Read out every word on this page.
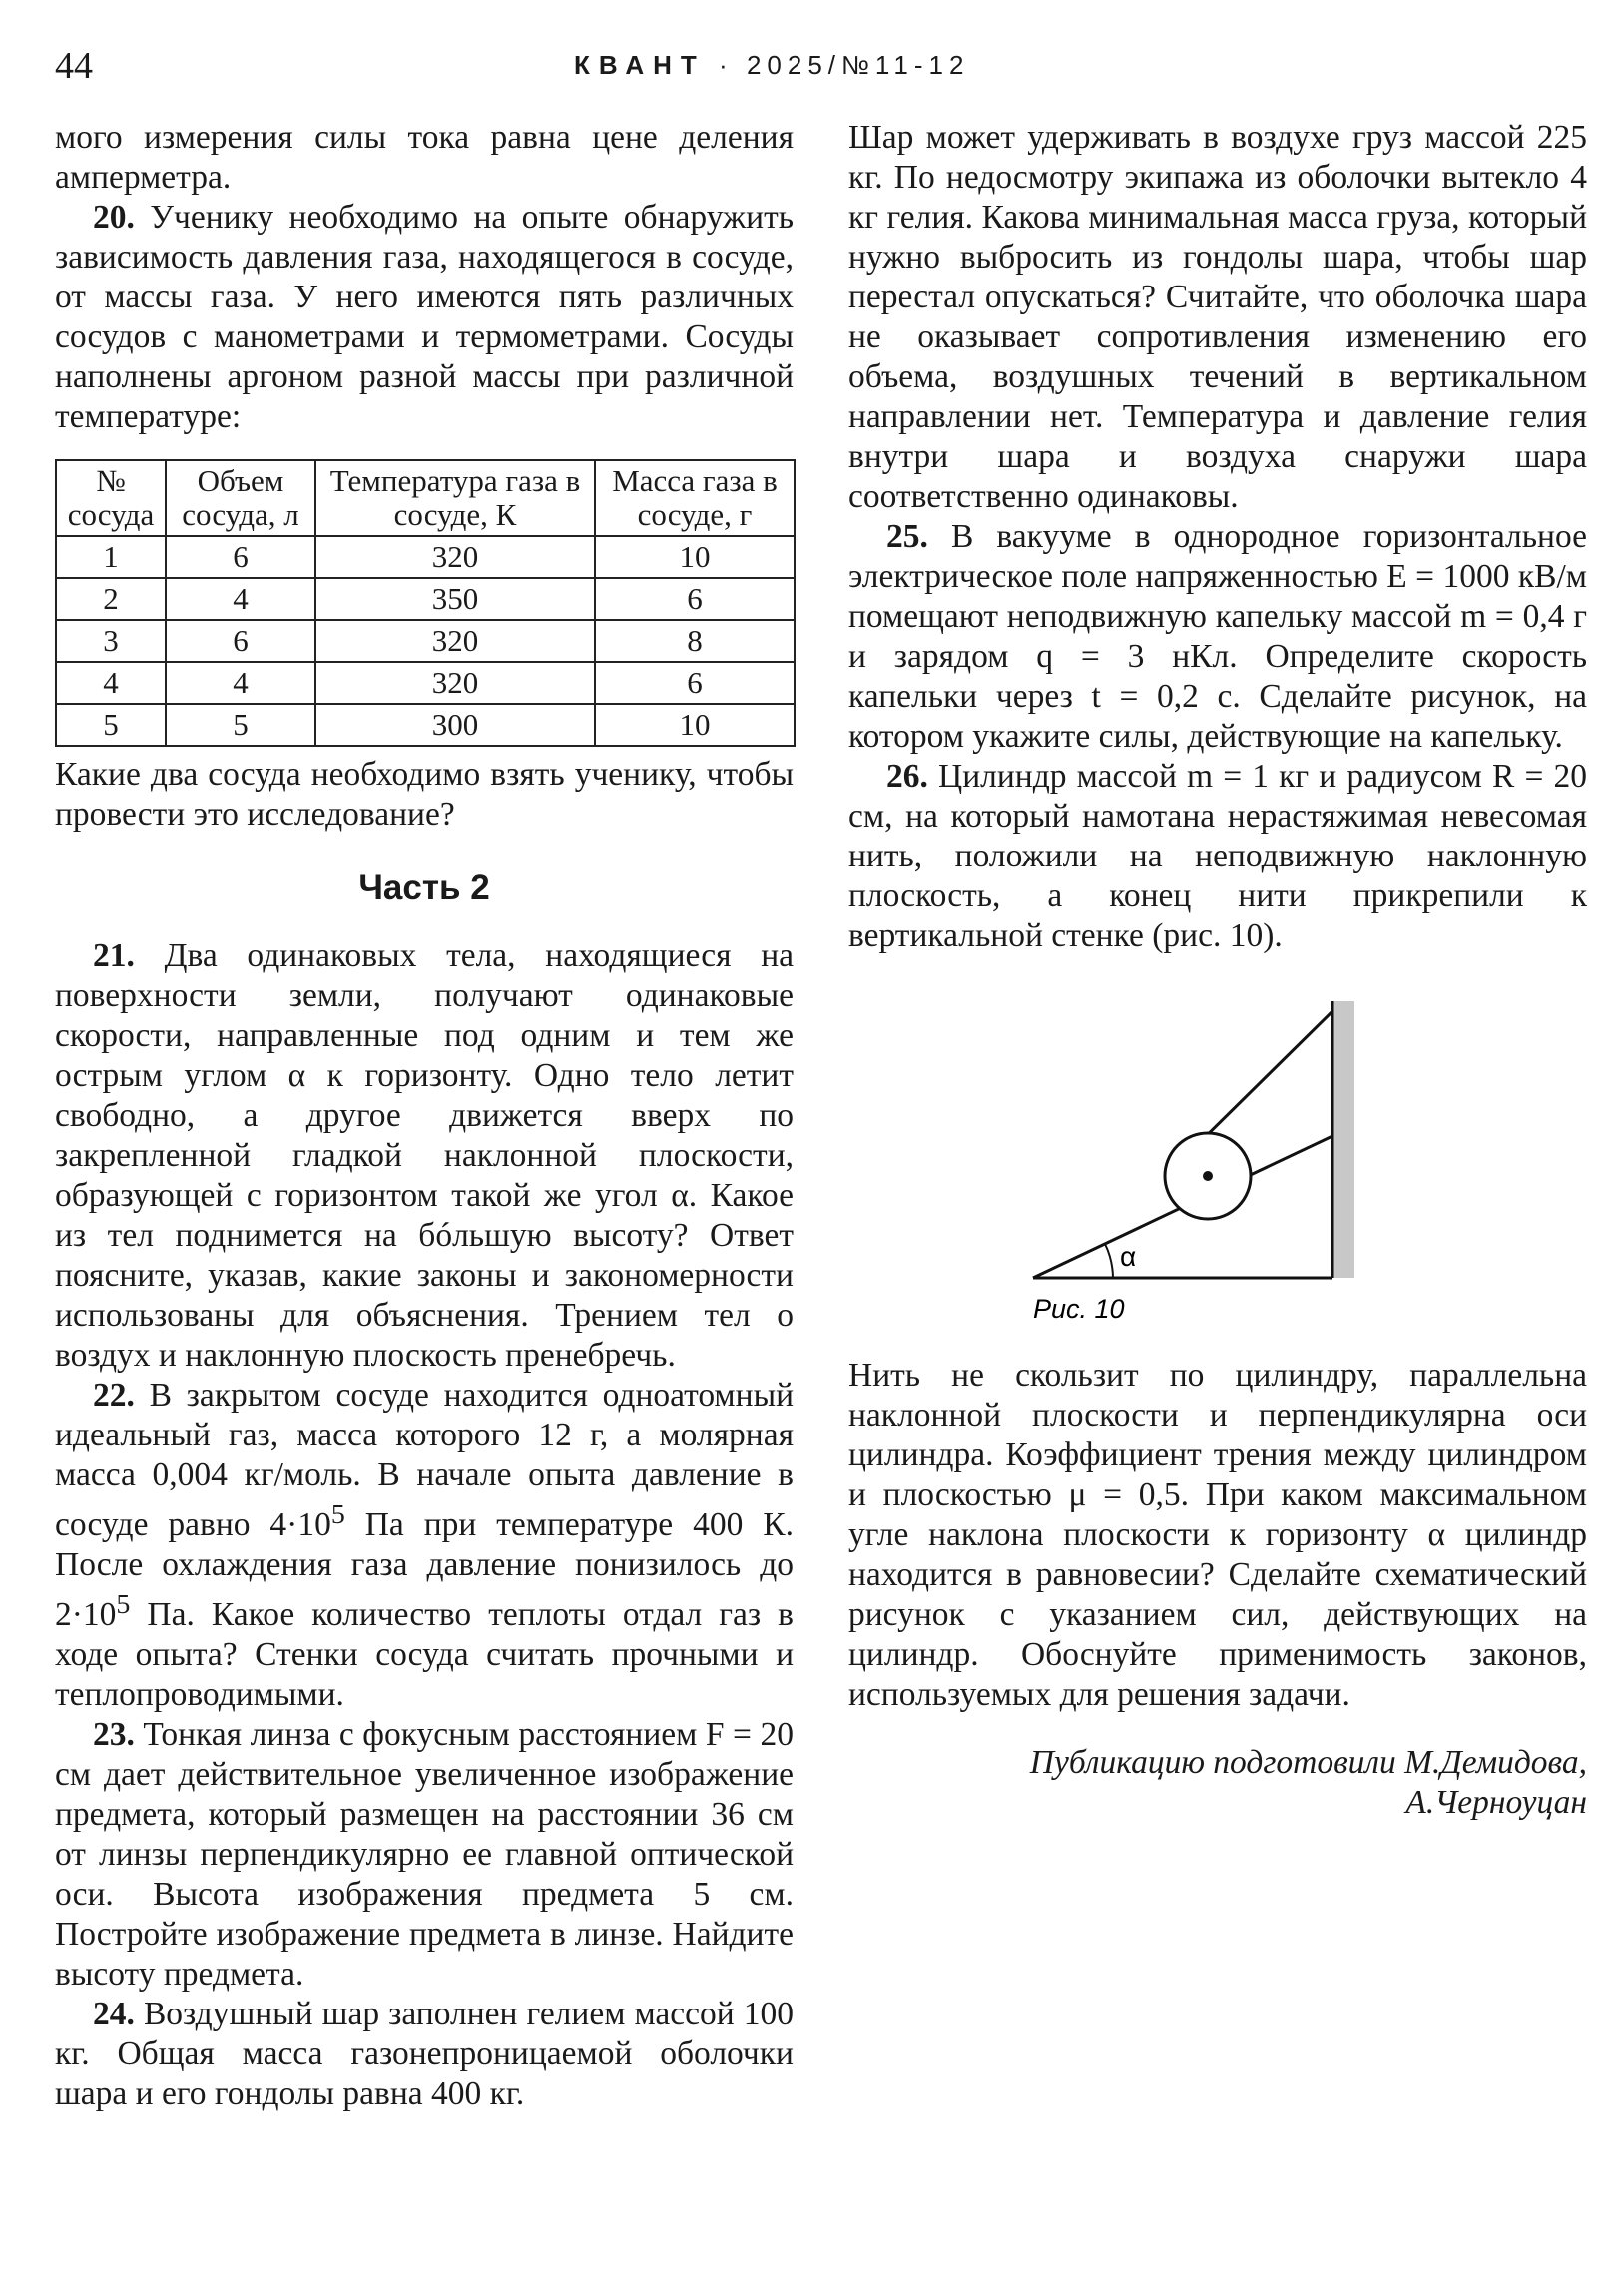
44	КВАНТ · 2025/№11-12

мого измерения силы тока равна цене деления амперметра.

20. Ученику необходимо на опыте обнаружить зависимость давления газа, находящегося в сосуде, от массы газа. У него имеются пять различных сосудов с манометрами и термометрами. Сосуды наполнены аргоном разной массы при различной температуре:

№ сосуда	Объем сосуда, л	Температура газа в сосуде, К	Масса газа в сосуде, г
1	6	320	10
2	4	350	6
3	6	320	8
4	4	320	6
5	5	300	10

Какие два сосуда необходимо взять ученику, чтобы провести это исследование?

Часть 2

21. Два одинаковых тела, находящиеся на поверхности земли, получают одинаковые скорости, направленные под одним и тем же острым углом α к горизонту. Одно тело летит свободно, а другое движется вверх по закрепленной гладкой наклонной плоскости, образующей с горизонтом такой же угол α. Какое из тел поднимется на бóльшую высоту? Ответ поясните, указав, какие законы и закономерности использованы для объяснения. Трением тел о воздух и наклонную плоскость пренебречь.

22. В закрытом сосуде находится одноатомный идеальный газ, масса которого 12 г, а молярная масса 0,004 кг/моль. В начале опыта давление в сосуде равно $4\cdot 10^5$ Па при температуре 400 К. После охлаждения газа давление понизилось до $2\cdot 10^5$ Па. Какое количество теплоты отдал газ в ходе опыта? Стенки сосуда считать прочными и теплопроводимыми.

23. Тонкая линза с фокусным расстоянием F = 20 см дает действительное увеличенное изображение предмета, который размещен на расстоянии 36 см от линзы перпендикулярно ее главной оптической оси. Высота изображения предмета 5 см. Постройте изображение предмета в линзе. Найдите высоту предмета.

24. Воздушный шар заполнен гелием массой 100 кг. Общая масса газонепроницаемой оболочки шара и его гондолы равна 400 кг.

Шар может удерживать в воздухе груз массой 225 кг. По недосмотру экипажа из оболочки вытекло 4 кг гелия. Какова минимальная масса груза, который нужно выбросить из гондолы шара, чтобы шар перестал опускаться? Считайте, что оболочка шара не оказывает сопротивления изменению его объема, воздушных течений в вертикальном направлении нет. Температура и давление гелия внутри шара и воздуха снаружи шара соответственно одинаковы.

25. В вакууме в однородное горизонтальное электрическое поле напряженностью E = 1000 кВ/м помещают неподвижную капельку массой m = 0,4 г и зарядом q = 3 нКл. Определите скорость капельки через t = 0,2 с. Сделайте рисунок, на котором укажите силы, действующие на капельку.

26. Цилиндр массой m = 1 кг и радиусом R = 20 см, на который намотана нерастяжимая невесомая нить, положили на неподвижную наклонную плоскость, а конец нити прикрепили к вертикальной стенке (рис. 10).

α
Рис. 10

Нить не скользит по цилиндру, параллельна наклонной плоскости и перпендикулярна оси цилиндра. Коэффициент трения между цилиндром и плоскостью μ = 0,5. При каком максимальном угле наклона плоскости к горизонту α цилиндр находится в равновесии? Сделайте схематический рисунок с указанием сил, действующих на цилиндр. Обоснуйте применимость законов, используемых для решения задачи.

Публикацию подготовили М.Демидова,
А.Черноуцан
